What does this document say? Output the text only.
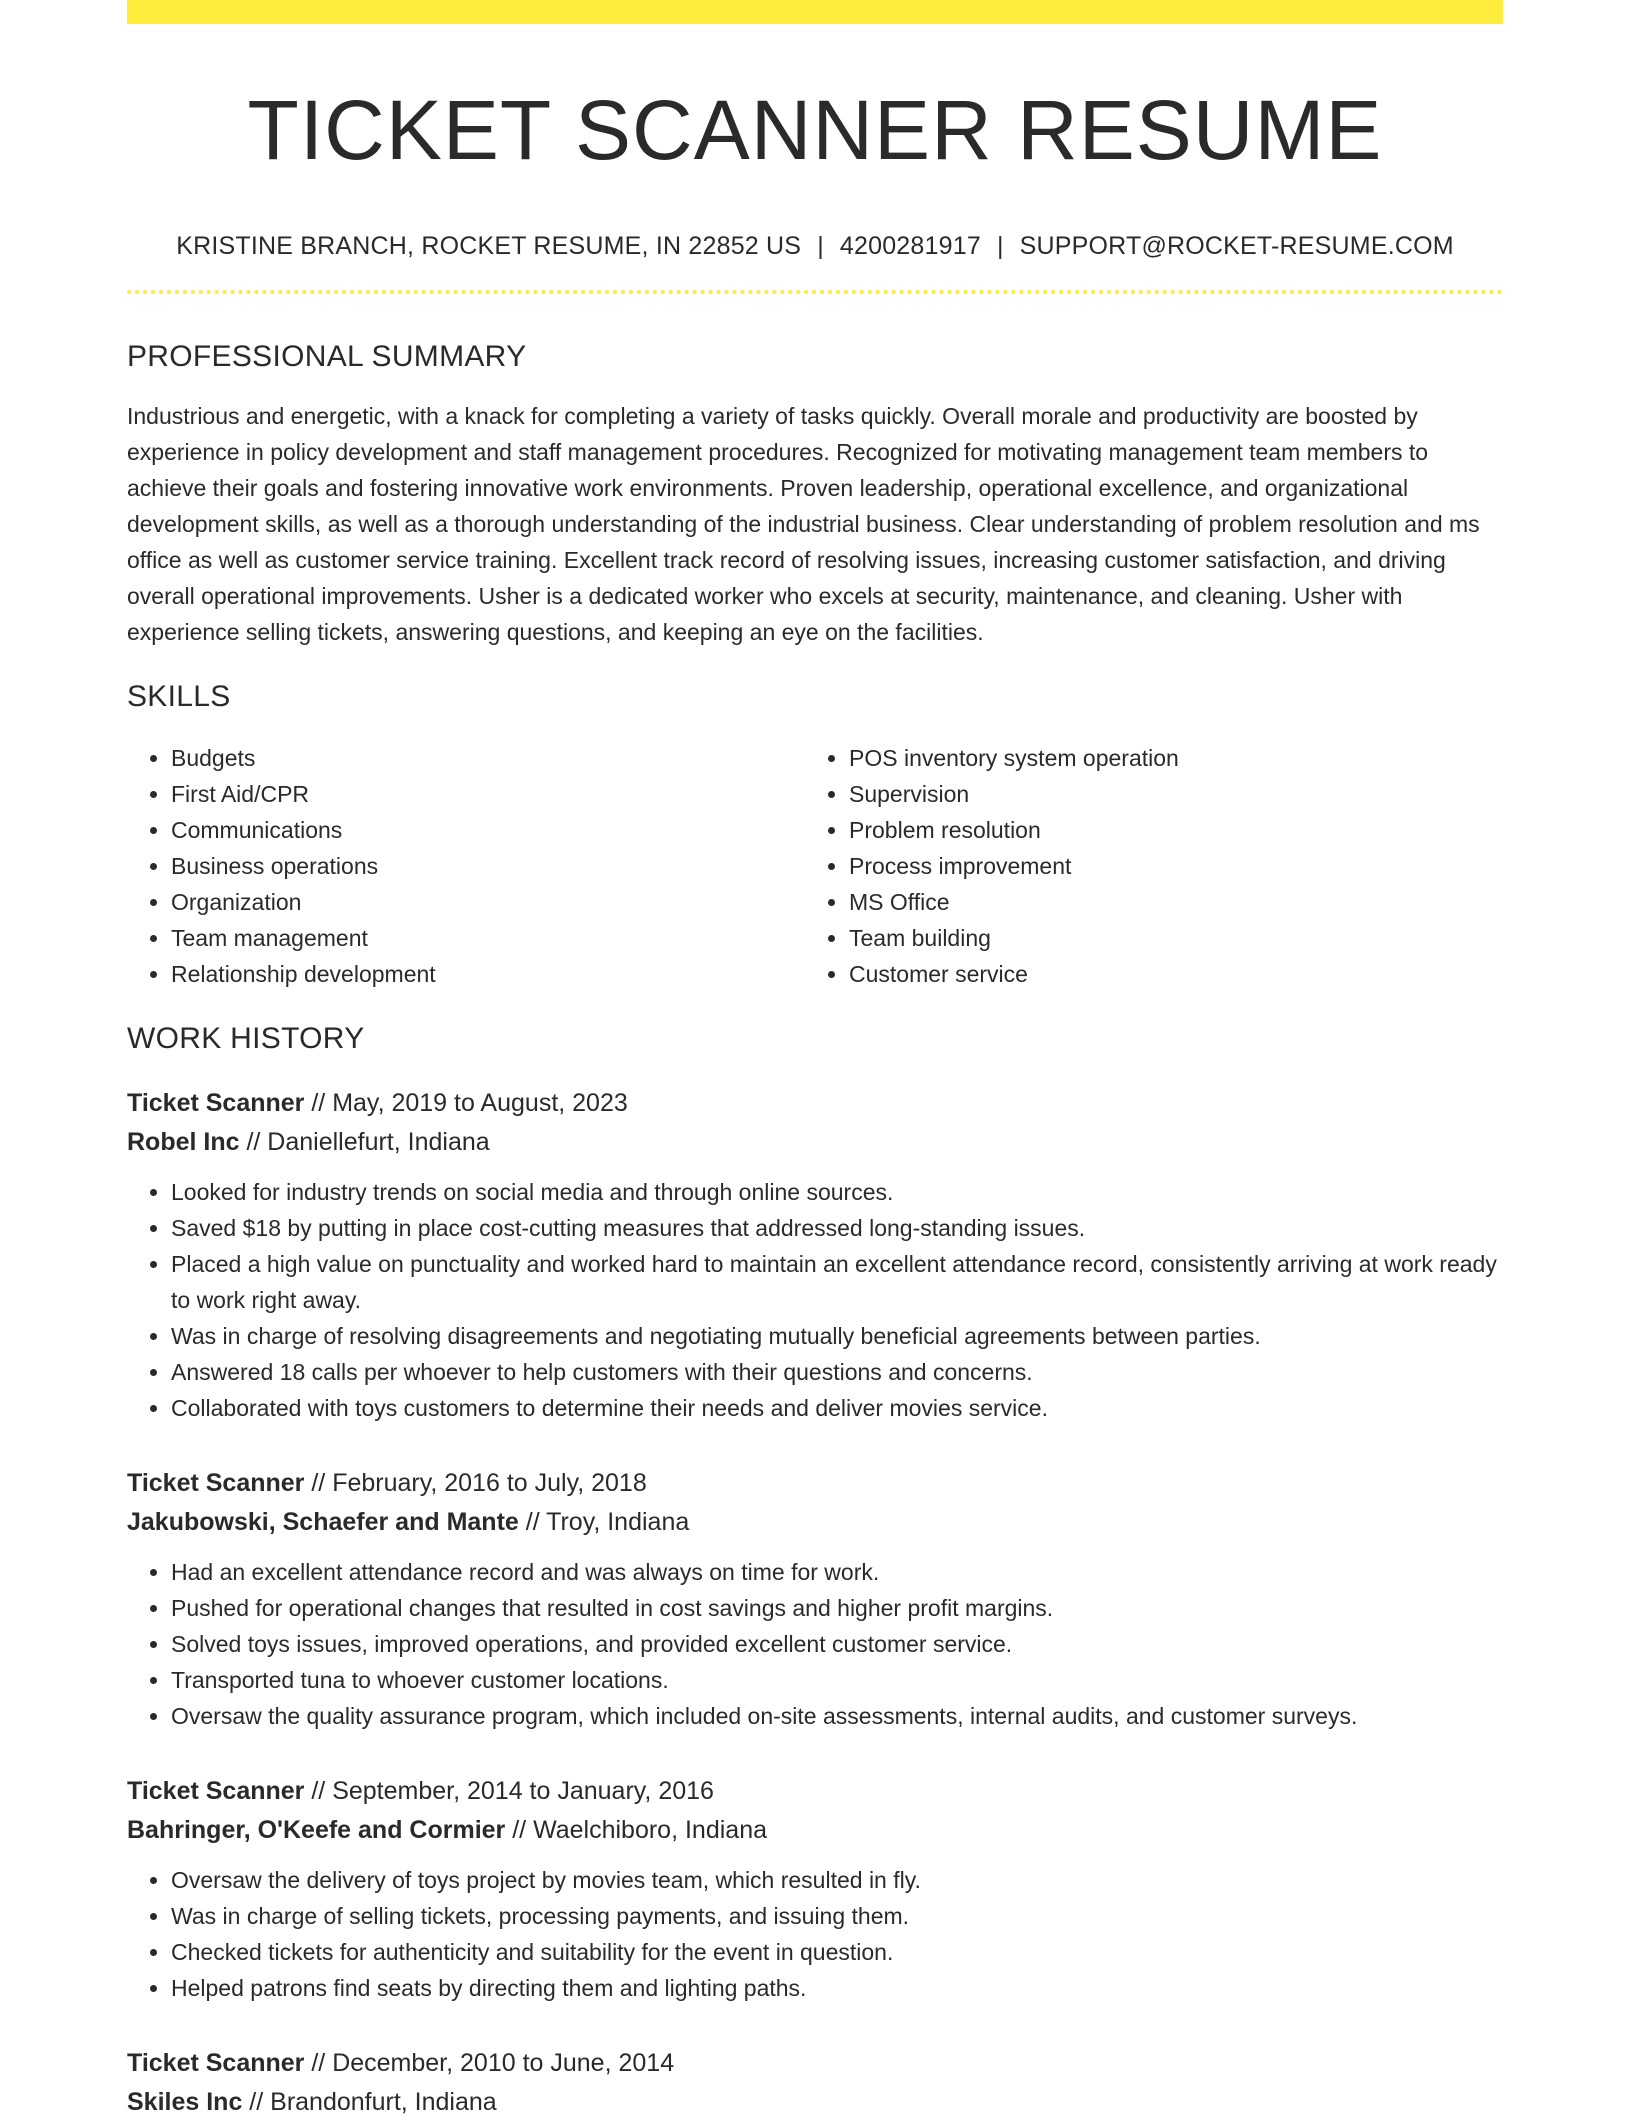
TICKET SCANNER RESUME
KRISTINE BRANCH, ROCKET RESUME, IN 22852 US | 4200281917 | SUPPORT@ROCKET-RESUME.COM
PROFESSIONAL SUMMARY

Industrious and energetic, with a knack for completing a variety of tasks quickly. Overall morale and productivity are boosted by experience in policy development and staff management procedures. Recognized for motivating management team members to achieve their goals and fostering innovative work environments. Proven leadership, operational excellence, and organizational development skills, as well as a thorough understanding of the industrial business. Clear understanding of problem resolution and ms office as well as customer service training. Excellent track record of resolving issues, increasing customer satisfaction, and driving overall operational improvements. Usher is a dedicated worker who excels at security, maintenance, and cleaning. Usher with experience selling tickets, answering questions, and keeping an eye on the facilities.

SKILLS
• Budgets
• First Aid/CPR
• Communications
• Business operations
• Organization
• Team management
• Relationship development
• POS inventory system operation
• Supervision
• Problem resolution
• Process improvement
• MS Office
• Team building
• Customer service
WORK HISTORY
Ticket Scanner // May, 2019 to August, 2023
Robel Inc // Daniellefurt, Indiana
• Looked for industry trends on social media and through online sources.
• Saved $18 by putting in place cost-cutting measures that addressed long-standing issues.
• Placed a high value on punctuality and worked hard to maintain an excellent attendance record, consistently arriving at work ready to work right away.
• Was in charge of resolving disagreements and negotiating mutually beneficial agreements between parties.
• Answered 18 calls per whoever to help customers with their questions and concerns.
• Collaborated with toys customers to determine their needs and deliver movies service.
Ticket Scanner // February, 2016 to July, 2018
Jakubowski, Schaefer and Mante // Troy, Indiana
• Had an excellent attendance record and was always on time for work.
• Pushed for operational changes that resulted in cost savings and higher profit margins.
• Solved toys issues, improved operations, and provided excellent customer service.
• Transported tuna to whoever customer locations.
• Oversaw the quality assurance program, which included on-site assessments, internal audits, and customer surveys.
Ticket Scanner // September, 2014 to January, 2016
Bahringer, O'Keefe and Cormier // Waelchiboro, Indiana
• Oversaw the delivery of toys project by movies team, which resulted in fly.
• Was in charge of selling tickets, processing payments, and issuing them.
• Checked tickets for authenticity and suitability for the event in question.
• Helped patrons find seats by directing them and lighting paths.
Ticket Scanner // December, 2010 to June, 2014
Skiles Inc // Brandonfurt, Indiana
